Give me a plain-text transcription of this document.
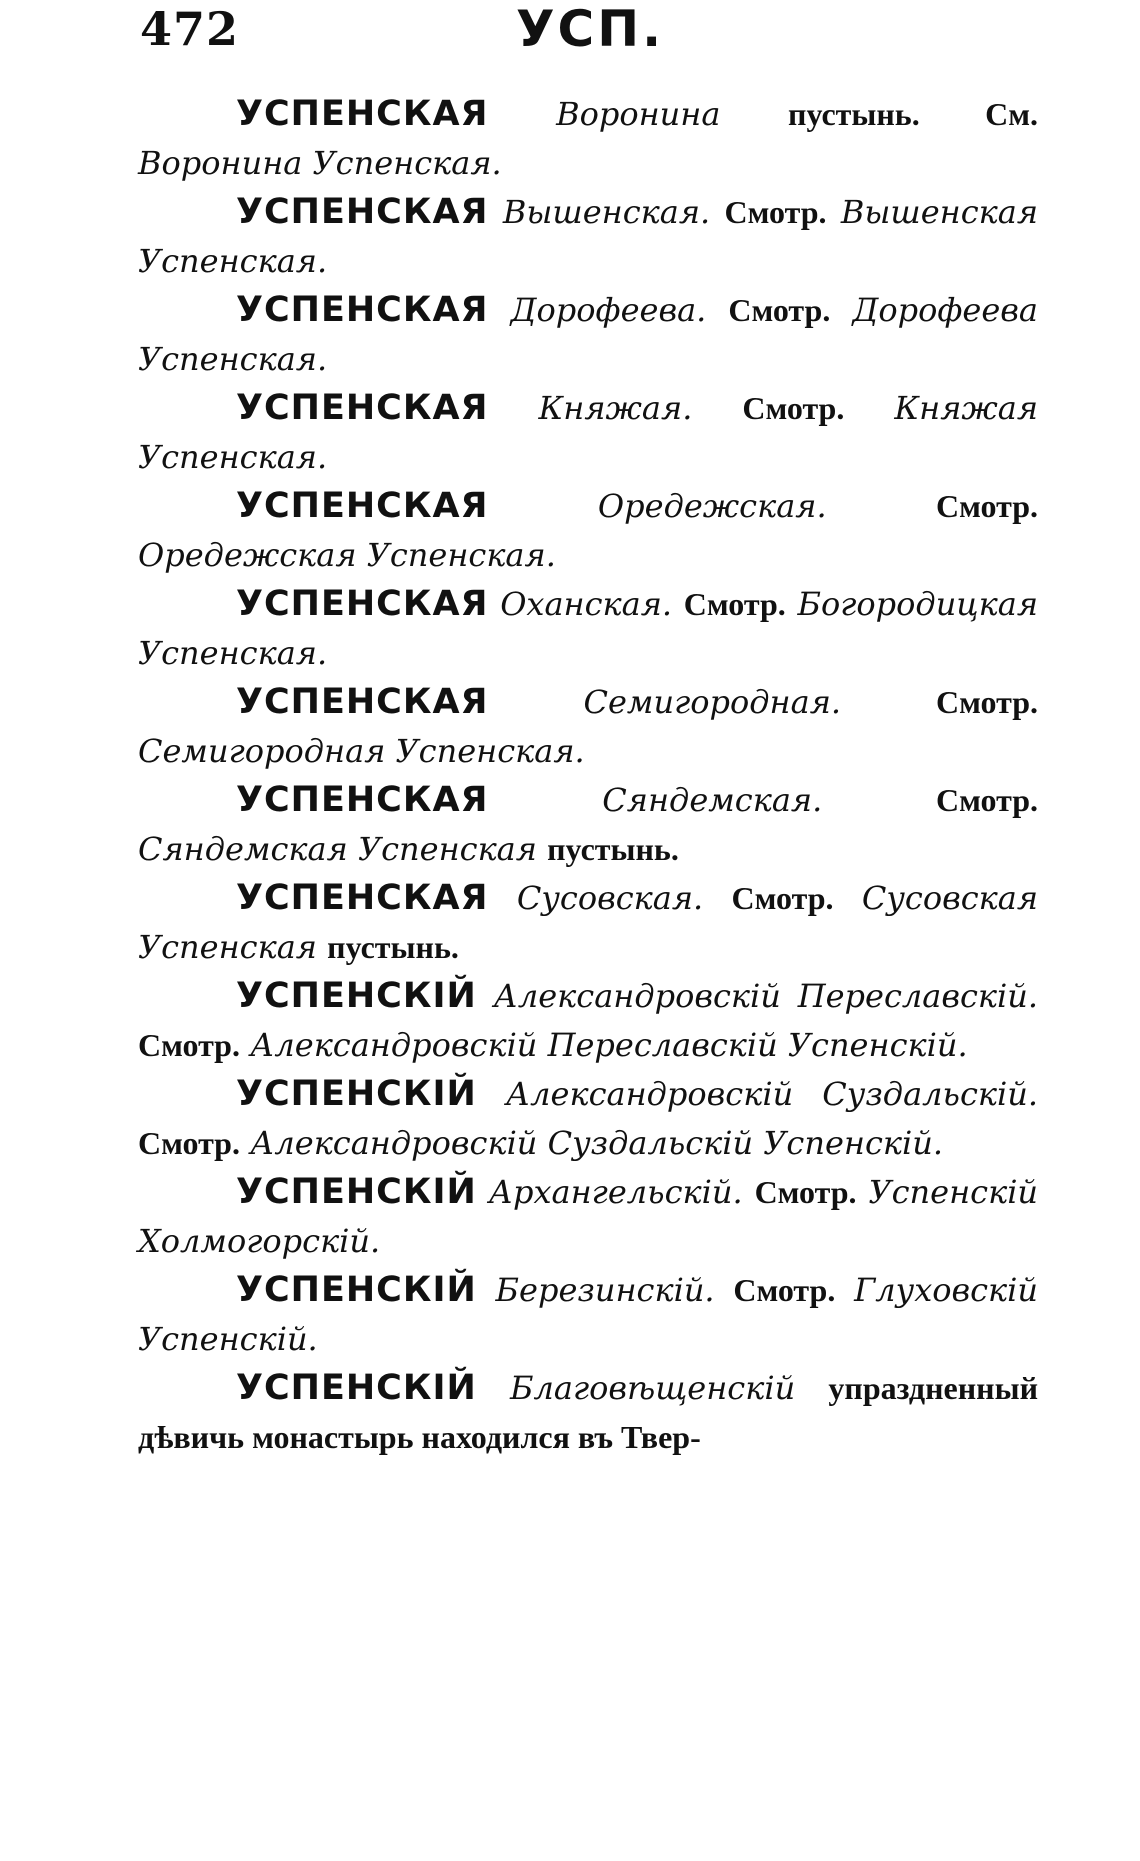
472	УСП.

УСПЕНСКАЯ Воронина пустынь. См. Воронина Успенская.

УСПЕНСКАЯ Вышенская. Смотр. Вышенская Успенская.

УСПЕНСКАЯ Дорофеева. Смотр. Дорофеева Успенская.

УСПЕНСКАЯ Княжая. Смотр. Княжая Успенская.

УСПЕНСКАЯ	Оредежская.	Смотр. Оредежская Успенская.

УСПЕНСКАЯ Оханская. Смотр. Богородицкая Успенская.

УСПЕНСКАЯ	Семигородная.	Смотр. Семигородная Успенская.

УСПЕНСКАЯ	Сяндемская.	Смотр. Сяндемская Успенская пустынь.

УСПЕНСКАЯ Сусовская. Смотр. Сусовская Успенская пустынь.

УСПЕНСКІЙ Александровскій Переславскій. Смотр. Александровскій Переславскій Успенскій.

УСПЕНСКІЙ Александровскій Суздальскій. Смотр. Александровскій Суздальскій Успенскій.

УСПЕНСКІЙ Архангельскій. Смотр. Успенскій Холмогорскій.

УСПЕНСКІЙ Березинскій. Смотр. Глуховскій Успенскій.

УСПЕНСКІЙ Благовѣщенскій упраздненный дѣвичь монастырь находился въ Твер-
